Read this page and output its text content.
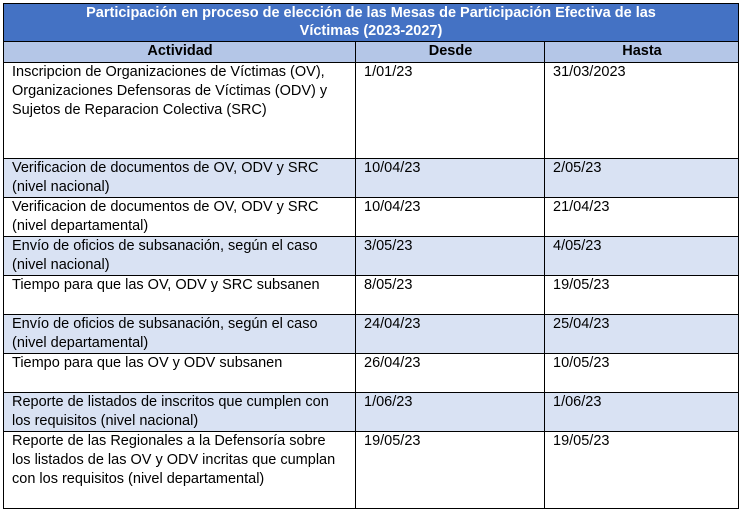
Participación en proceso de elección de las Mesas de Participación Efectiva de las Víctimas (2023-2027)		

Actividad	Desde	Hasta
Inscripcion de Organizaciones de Víctimas (OV), Organizaciones Defensoras de Víctimas (ODV) y Sujetos de Reparacion Colectiva (SRC)	1/01/23	31/03/2023
Verificacion de documentos de OV, ODV y SRC (nivel nacional)	10/04/23	2/05/23
Verificacion de documentos de OV, ODV y SRC (nivel departamental)	10/04/23	21/04/23
Envío de oficios de subsanación, según el caso (nivel nacional)	3/05/23	4/05/23
Tiempo para que las OV, ODV y SRC subsanen	8/05/23	19/05/23
Envío de oficios de subsanación, según el caso (nivel departamental)	24/04/23	25/04/23
Tiempo para que las OV y ODV subsanen	26/04/23	10/05/23
Reporte de listados de inscritos que cumplen con los requisitos (nivel nacional)	1/06/23	1/06/23
Reporte de las Regionales a la Defensoría sobre los listados de las OV y ODV incritas que cumplan con los requisitos (nivel departamental)	19/05/23	19/05/23
